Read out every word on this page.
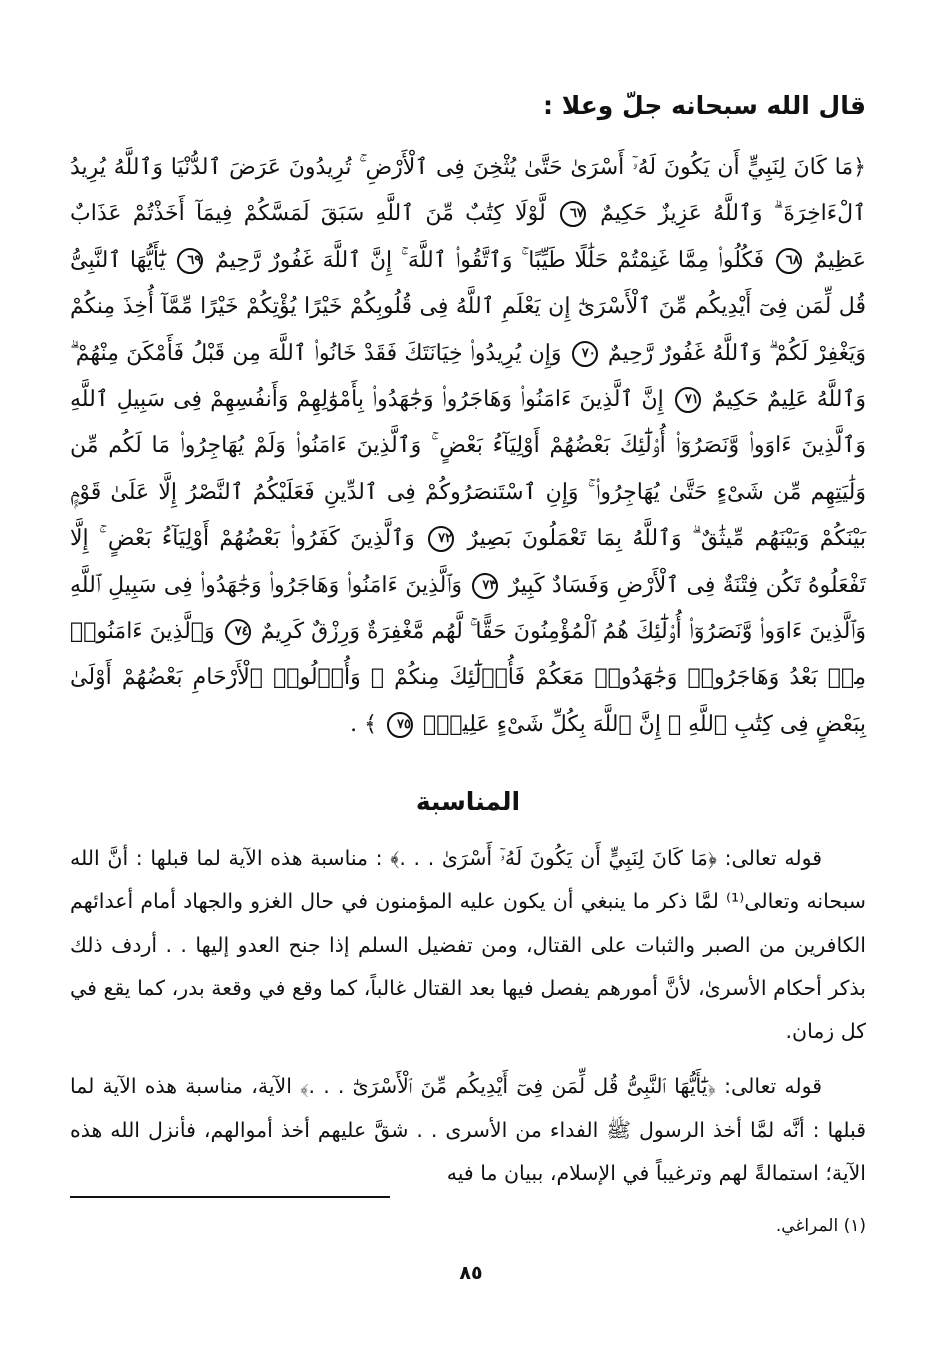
قال الله سبحانه جلّ وعلا :

﴿مَا كَانَ لِنَبِيٍّ أَن يَكُونَ لَهُۥٓ أَسْرَىٰ حَتَّىٰ يُثْخِنَ فِى ٱلْأَرْضِ ۚ تُرِيدُونَ عَرَضَ ٱلدُّنْيَا وَٱللَّهُ يُرِيدُ ٱلْءَاخِرَةَ ۗ وَٱللَّهُ عَزِيزٌ حَكِيمٌ ٦٧ لَّوْلَا كِتَٰبٌ مِّنَ ٱللَّهِ سَبَقَ لَمَسَّكُمْ فِيمَآ أَخَذْتُمْ عَذَابٌ عَظِيمٌ ٦٨ فَكُلُوا۟ مِمَّا غَنِمْتُمْ حَلَٰلًا طَيِّبًا ۚ وَٱتَّقُوا۟ ٱللَّهَ ۚ إِنَّ ٱللَّهَ غَفُورٌ رَّحِيمٌ ٦٩ يَٰٓأَيُّهَا ٱلنَّبِىُّ قُل لِّمَن فِىٓ أَيْدِيكُم مِّنَ ٱلْأَسْرَىٰٓ إِن يَعْلَمِ ٱللَّهُ فِى قُلُوبِكُمْ خَيْرًا يُؤْتِكُمْ خَيْرًا مِّمَّآ أُخِذَ مِنكُمْ وَيَغْفِرْ لَكُمْ ۗ وَٱللَّهُ غَفُورٌ رَّحِيمٌ ٧٠ وَإِن يُرِيدُوا۟ خِيَانَتَكَ فَقَدْ خَانُوا۟ ٱللَّهَ مِن قَبْلُ فَأَمْكَنَ مِنْهُمْ ۗ وَٱللَّهُ عَلِيمٌ حَكِيمٌ ٧١ إِنَّ ٱلَّذِينَ ءَامَنُوا۟ وَهَاجَرُوا۟ وَجَٰهَدُوا۟ بِأَمْوَٰلِهِمْ وَأَنفُسِهِمْ فِى سَبِيلِ ٱللَّهِ وَٱلَّذِينَ ءَاوَوا۟ وَّنَصَرُوٓا۟ أُو۟لَٰٓئِكَ بَعْضُهُمْ أَوْلِيَآءُ بَعْضٍ ۚ وَٱلَّذِينَ ءَامَنُوا۟ وَلَمْ يُهَاجِرُوا۟ مَا لَكُم مِّن وَلَٰيَتِهِم مِّن شَىْءٍ حَتَّىٰ يُهَاجِرُوا۟ ۚ وَإِنِ ٱسْتَنصَرُوكُمْ فِى ٱلدِّينِ فَعَلَيْكُمُ ٱلنَّصْرُ إِلَّا عَلَىٰ قَوْمٍۭ بَيْنَكُمْ وَبَيْنَهُم مِّيثَٰقٌ ۗ وَٱللَّهُ بِمَا تَعْمَلُونَ بَصِيرٌ ٧٢ وَٱلَّذِينَ كَفَرُوا۟ بَعْضُهُمْ أَوْلِيَآءُ بَعْضٍ ۚ إِلَّا تَفْعَلُوهُ تَكُن فِتْنَةٌ فِى ٱلْأَرْضِ وَفَسَادٌ كَبِيرٌ ٧٣ وَٱلَّذِينَ ءَامَنُوا۟ وَهَاجَرُوا۟ وَجَٰهَدُوا۟ فِى سَبِيلِ ٱللَّهِ وَٱلَّذِينَ ءَاوَوا۟ وَّنَصَرُوٓا۟ أُو۟لَٰٓئِكَ هُمُ ٱلْمُؤْمِنُونَ حَقًّا ۚ لَّهُم مَّغْفِرَةٌ وَرِزْقٌ كَرِيمٌ ٧٤ وَٱلَّذِينَ ءَامَنُوا۟ مِنۢ بَعْدُ وَهَاجَرُوا۟ وَجَٰهَدُوا۟ مَعَكُمْ فَأُو۟لَٰٓئِكَ مِنكُمْ ۚ وَأُو۟لُوا۟ ٱلْأَرْحَامِ بَعْضُهُمْ أَوْلَىٰ بِبَعْضٍ فِى كِتَٰبِ ٱللَّهِ ۗ إِنَّ ٱللَّهَ بِكُلِّ شَىْءٍ عَلِيمٌۢ ٧٥ ﴾ .

المناسبة

قوله تعالى: ﴿مَا كَانَ لِنَبِيٍّ أَن يَكُونَ لَهُۥٓ أَسْرَىٰ . . .﴾ : مناسبة هذه الآية لما قبلها : أنَّ الله سبحانه وتعالى⁽¹⁾ لمَّا ذكر ما ينبغي أن يكون عليه المؤمنون في حال الغزو والجهاد أمام أعدائهم الكافرين من الصبر والثبات على القتال، ومن تفضيل السلم إذا جنح العدو إليها . . أردف ذلك بذكر أحكام الأسرىٰ، لأنَّ أمورهم يفصل فيها بعد القتال غالباً، كما وقع في وقعة بدر، كما يقع في كل زمان.

قوله تعالى: ﴿يَٰٓأَيُّهَا ٱلنَّبِىُّ قُل لِّمَن فِىٓ أَيْدِيكُم مِّنَ ٱلْأَسْرَىٰٓ . . .﴾ الآية، مناسبة هذه الآية لما قبلها : أنَّه لمَّا أخذ الرسول ﷺ الفداء من الأسرى . . شقَّ عليهم أخذ أموالهم، فأنزل الله هذه الآية؛ استمالةً لهم وترغيباً في الإسلام، ببيان ما فيه

(١) المراغي.
٨٥
